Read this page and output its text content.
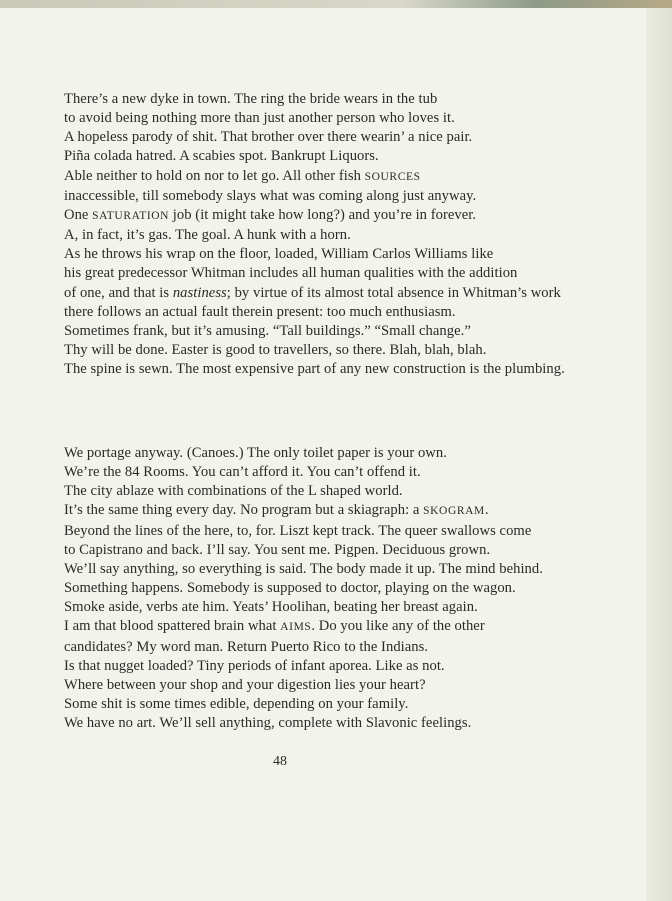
There’s a new dyke in town. The ring the bride wears in the tub
to avoid being nothing more than just another person who loves it.
A hopeless parody of shit. That brother over there wearin’ a nice pair.
Piña colada hatred. A scabies spot. Bankrupt Liquors.
Able neither to hold on nor to let go. All other fish SOURCES
inaccessible, till somebody slays what was coming along just anyway.
One SATURATION job (it might take how long?) and you’re in forever.
A, in fact, it’s gas. The goal. A hunk with a horn.
As he throws his wrap on the floor, loaded, William Carlos Williams like
his great predecessor Whitman includes all human qualities with the addition
of one, and that is nastiness; by virtue of its almost total absence in Whitman’s work
there follows an actual fault therein present: too much enthusiasm.
Sometimes frank, but it’s amusing. “Tall buildings.” “Small change.”
Thy will be done. Easter is good to travellers, so there. Blah, blah, blah.
The spine is sewn. The most expensive part of any new construction is the plumbing.
We portage anyway. (Canoes.) The only toilet paper is your own.
We’re the 84 Rooms. You can’t afford it. You can’t offend it.
The city ablaze with combinations of the L shaped world.
It’s the same thing every day. No program but a skiagraph: a SKOGRAM.
Beyond the lines of the here, to, for. Liszt kept track. The queer swallows come
to Capistrano and back. I’ll say. You sent me. Pigpen. Deciduous grown.
We’ll say anything, so everything is said. The body made it up. The mind behind.
Something happens. Somebody is supposed to doctor, playing on the wagon.
Smoke aside, verbs ate him. Yeats’ Hoolihan, beating her breast again.
I am that blood spattered brain what AIMS. Do you like any of the other
candidates? My word man. Return Puerto Rico to the Indians.
Is that nugget loaded? Tiny periods of infant aporea. Like as not.
Where between your shop and your digestion lies your heart?
Some shit is some times edible, depending on your family.
We have no art. We’ll sell anything, complete with Slavonic feelings.
48
